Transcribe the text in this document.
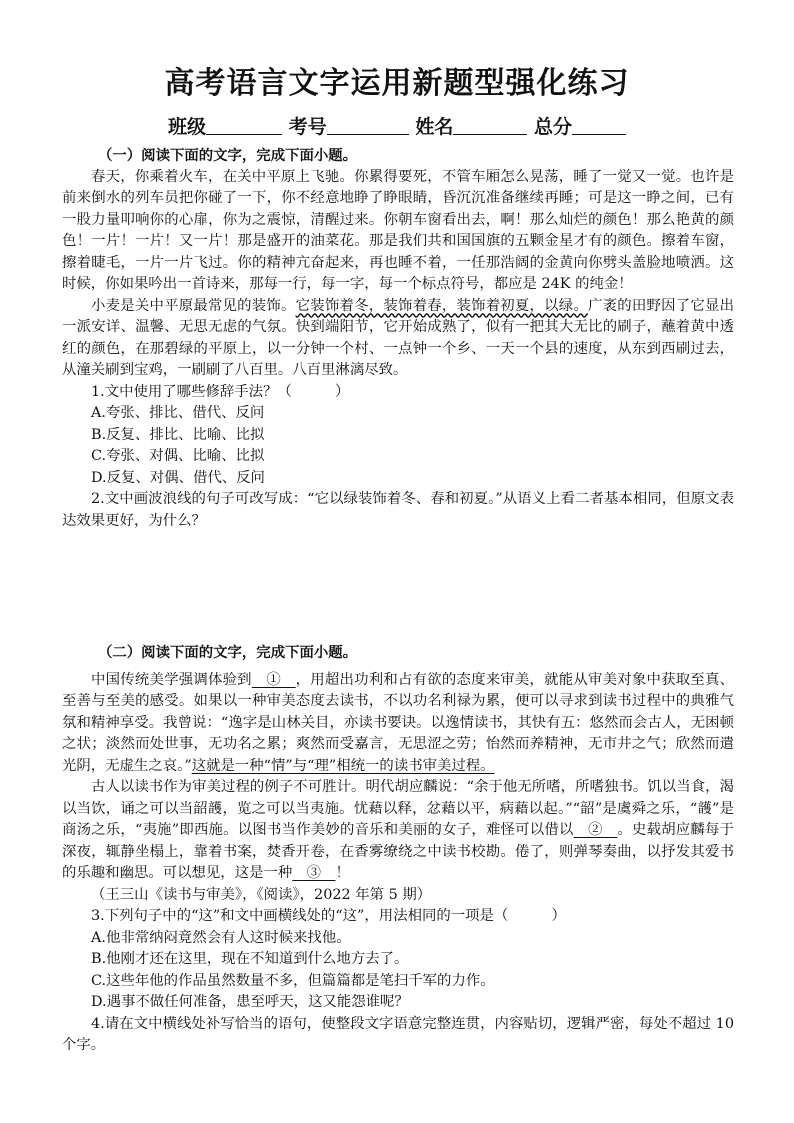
高考语言文字运用新题型强化练习
班级	考号	姓名	总分
（一）阅读下面的文字，完成下面小题。
春天，你乘着火车，在关中平原上飞驰。你累得要死，不管车厢怎么晃荡，睡了一觉又一觉。也许是前来倒水的列车员把你碰了一下，你不经意地睁了睁眼睛，昏沉沉准备继续再睡；可是这一睁之间，已有一股力量叩响你的心扉，你为之震惊，清醒过来。你朝车窗看出去，啊！那么灿烂的颜色！那么艳黄的颜色！一片！一片！又一片！那是盛开的油菜花。那是我们共和国国旗的五颗金星才有的颜色。擦着车窗，擦着睫毛，一片一片飞过。你的精神亢奋起来，再也睡不着，一任那浩阔的金黄向你劈头盖脸地喷洒。这时候，你如果吟出一首诗来，那每一行，每一字，每一个标点符号，都应是 24K 的纯金！
小麦是关中平原最常见的装饰。它装饰着冬，装饰着春，装饰着初夏，以绿。广袤的田野因了它显出一派安详、温馨、无思无虑的气氛。快到端阳节，它开始成熟了，似有一把其大无比的刷子，蘸着黄中透红的颜色，在那碧绿的平原上，以一分钟一个村、一点钟一个乡、一天一个县的速度，从东到西刷过去，从潼关刷到宝鸡，一刷刷了八百里。八百里淋漓尽致。
1.文中使用了哪些修辞手法？（　　　）
A.夸张、排比、借代、反问
B.反复、排比、比喻、比拟
C.夸张、对偶、比喻、比拟
D.反复、对偶、借代、反问
2.文中画波浪线的句子可改写成：“它以绿装饰着冬、春和初夏。”从语义上看二者基本相同，但原文表达效果更好，为什么？
（二）阅读下面的文字，完成下面小题。
中国传统美学强调体验到　①　，用超出功利和占有欲的态度来审美，就能从审美对象中获取至真、至善与至美的感受。如果以一种审美态度去读书，不以功名利禄为累，便可以寻求到读书过程中的典雅气氛和精神享受。我曾说：“逸字是山林关目，亦读书要诀。以逸情读书，其快有五：悠然而会古人，无困顿之状；淡然而处世事，无功名之累；爽然而受嘉言，无思涩之劳；怡然而养精神，无市井之气；欣然而遣光阴，无虚生之哀。”这就是一种“情”与“理”相统一的读书审美过程。
古人以读书作为审美过程的例子不可胜计。明代胡应麟说：“余于他无所嗜，所嗜独书。饥以当食，渴以当饮，诵之可以当韶頀，览之可以当夷施。忧藉以释，忿藉以平，病藉以起。”“韶”是虞舜之乐，“頀”是商汤之乐，“夷施”即西施。以图书当作美妙的音乐和美丽的女子，难怪可以借以　②　。史载胡应麟每于深夜，辄静坐榻上，靠着书案，焚香开卷，在香雾缭绕之中读书校勘。倦了，则弹琴奏曲，以抒发其爱书的乐趣和幽思。可以想见，这是一种　③　！
（王三山《读书与审美》，《阅读》，2022 年第 5 期）
3.下列句子中的“这”和文中画横线处的“这”，用法相同的一项是（　　　）
A.他非常纳闷竟然会有人这时候来找他。
B.他刚才还在这里，现在不知道到什么地方去了。
C.这些年他的作品虽然数量不多，但篇篇都是笔扫千军的力作。
D.遇事不做任何准备，患至呼天，这又能怨谁呢？
4.请在文中横线处补写恰当的语句，使整段文字语意完整连贯，内容贴切，逻辑严密，每处不超过 10 个字。
